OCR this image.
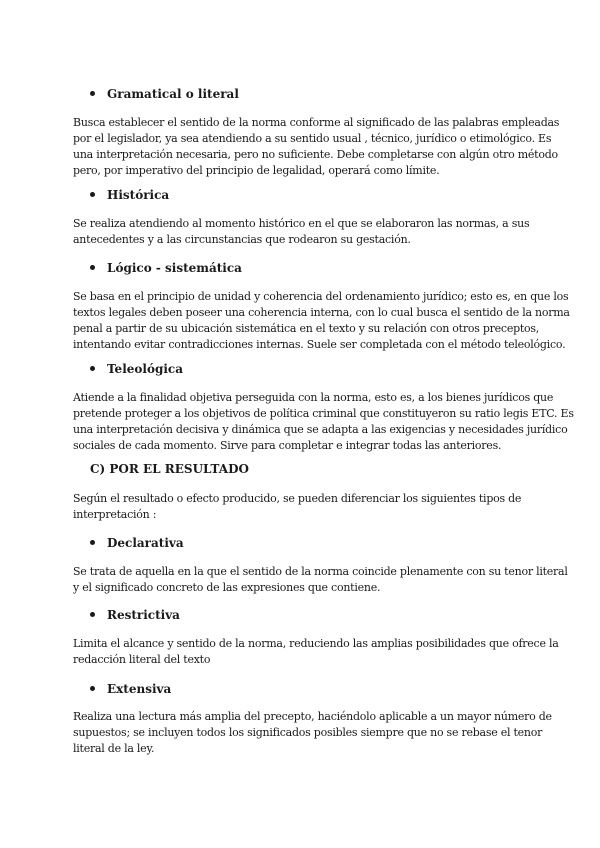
Gramatical o literal
Busca establecer el sentido de la norma conforme al significado de las palabras empleadas
por el legislador, ya sea atendiendo a su sentido usual , técnico, jurídico o etimológico. Es
una interpretación necesaria, pero no suficiente. Debe completarse con algún otro método
pero, por imperativo del principio de legalidad, operará como límite.
Histórica
Se realiza atendiendo al momento histórico en el que se elaboraron las normas, a sus
antecedentes y a las circunstancias que rodearon su gestación.
Lógico - sistemática
Se basa en el principio de unidad y coherencia del ordenamiento jurídico; esto es, en que los
textos legales deben poseer una coherencia interna, con lo cual busca el sentido de la norma
penal a partir de su ubicación sistemática en el texto y su relación con otros preceptos,
intentando evitar contradicciones internas. Suele ser completada con el método teleológico.
Teleológica
Atiende a la finalidad objetiva perseguida con la norma, esto es, a los bienes jurídicos que
pretende proteger a los objetivos de política criminal que constituyeron su ratio legis ETC. Es
una interpretación decisiva y dinámica que se adapta a las exigencias y necesidades jurídico
sociales de cada momento. Sirve para completar e integrar todas las anteriores.
C) POR EL RESULTADO
Según el resultado o efecto producido, se pueden diferenciar los siguientes tipos de
interpretación :
Declarativa
Se trata de aquella en la que el sentido de la norma coincide plenamente con su tenor literal
y el significado concreto de las expresiones que contiene.
Restrictiva
Limita el alcance y sentido de la norma, reduciendo las amplias posibilidades que ofrece la
redacción literal del texto
Extensiva
Realiza una lectura más amplia del precepto, haciéndolo aplicable a un mayor número de
supuestos; se incluyen todos los significados posibles siempre que no se rebase el tenor
literal de la ley.
